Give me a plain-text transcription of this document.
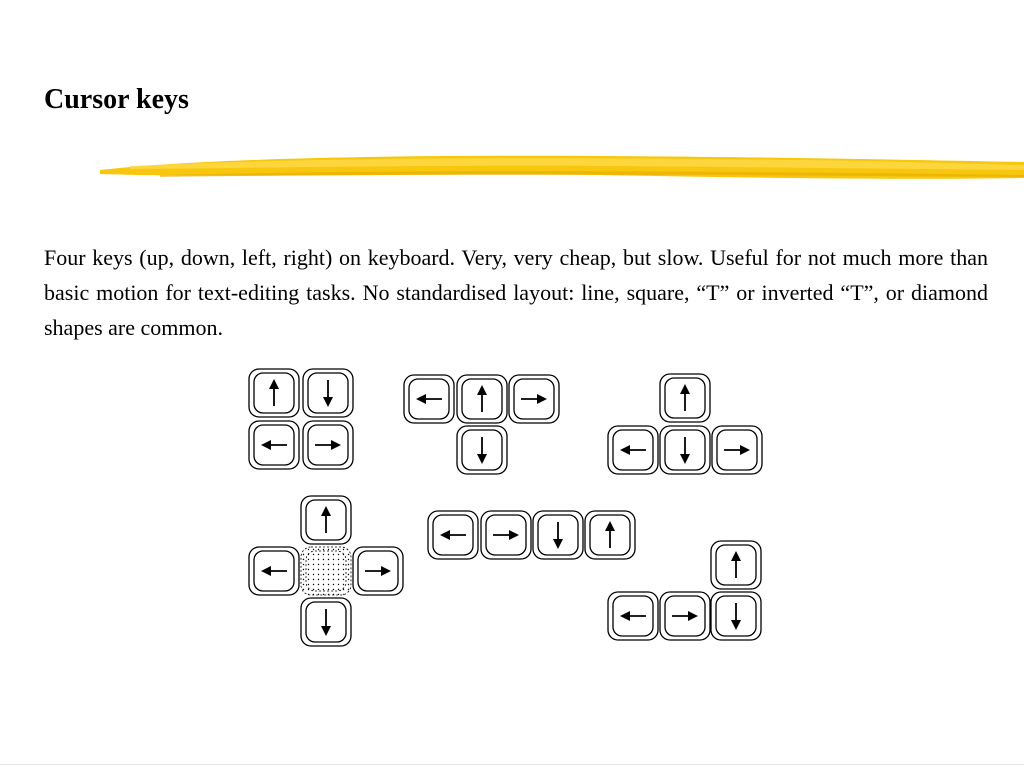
Cursor keys

Four keys (up, down, left, right) on keyboard. Very, very cheap, but slow. Useful for not much more than basic motion for text-editing tasks. No standardised layout: line, square, “T” or inverted “T”, or diamond shapes are common.
